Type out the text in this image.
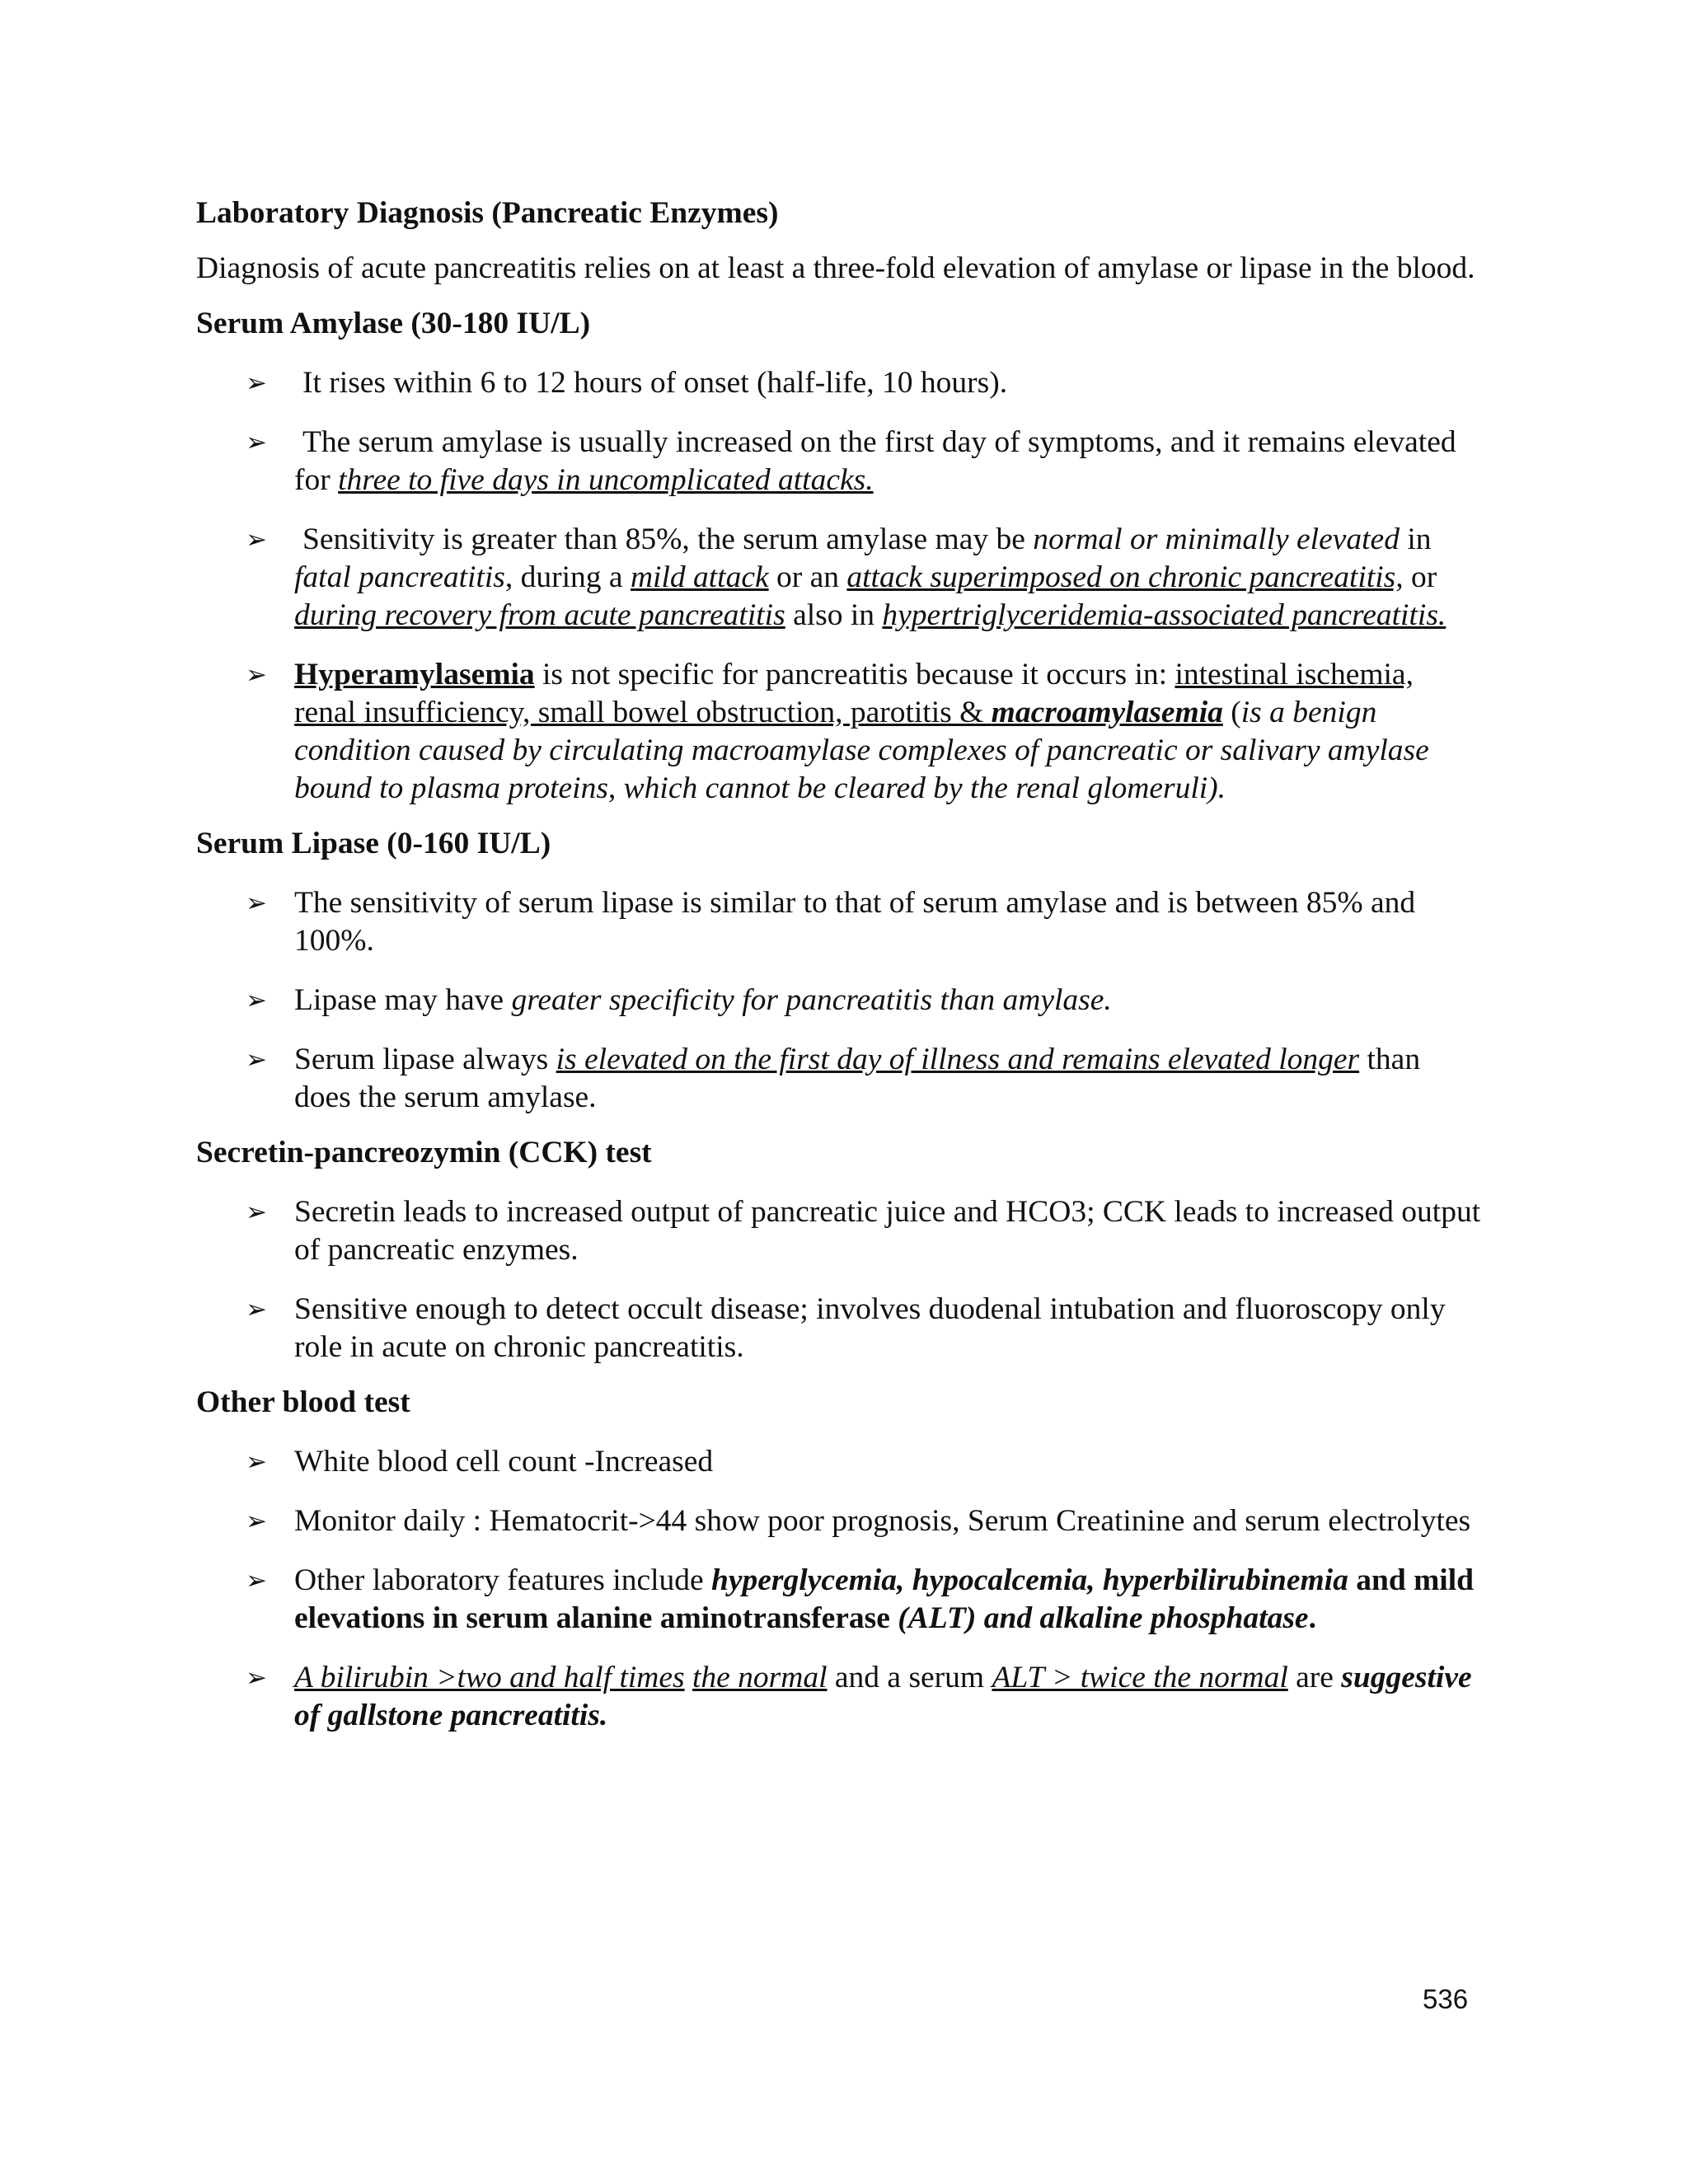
Laboratory Diagnosis (Pancreatic Enzymes)

Diagnosis of acute pancreatitis relies on at least a three-fold elevation of amylase or lipase in the blood.

Serum Amylase (30-180 IU/L)

➢ It rises within 6 to 12 hours of onset (half-life, 10 hours).
➢ The serum amylase is usually increased on the first day of symptoms, and it remains elevated for three to five days in uncomplicated attacks.
➢ Sensitivity is greater than 85%, the serum amylase may be normal or minimally elevated in fatal pancreatitis, during a mild attack or an attack superimposed on chronic pancreatitis, or during recovery from acute pancreatitis also in hypertriglyceridemia-associated pancreatitis.
➢ Hyperamylasemia is not specific for pancreatitis because it occurs in: intestinal ischemia, renal insufficiency, small bowel obstruction, parotitis & macroamylasemia (is a benign condition caused by circulating macroamylase complexes of pancreatic or salivary amylase bound to plasma proteins, which cannot be cleared by the renal glomeruli).

Serum Lipase (0-160 IU/L)

➢ The sensitivity of serum lipase is similar to that of serum amylase and is between 85% and 100%.
➢ Lipase may have greater specificity for pancreatitis than amylase.
➢ Serum lipase always is elevated on the first day of illness and remains elevated longer than does the serum amylase.

Secretin-pancreozymin (CCK) test

➢ Secretin leads to increased output of pancreatic juice and HCO3; CCK leads to increased output of pancreatic enzymes.
➢ Sensitive enough to detect occult disease; involves duodenal intubation and fluoroscopy only role in acute on chronic pancreatitis.

Other blood test

➢ White blood cell count -Increased
➢ Monitor daily : Hematocrit->44 show poor prognosis, Serum Creatinine and serum electrolytes
➢ Other laboratory features include hyperglycemia, hypocalcemia, hyperbilirubinemia and mild elevations in serum alanine aminotransferase (ALT) and alkaline phosphatase.
➢ A bilirubin >two and half times the normal and a serum ALT > twice the normal are suggestive of gallstone pancreatitis.
536
